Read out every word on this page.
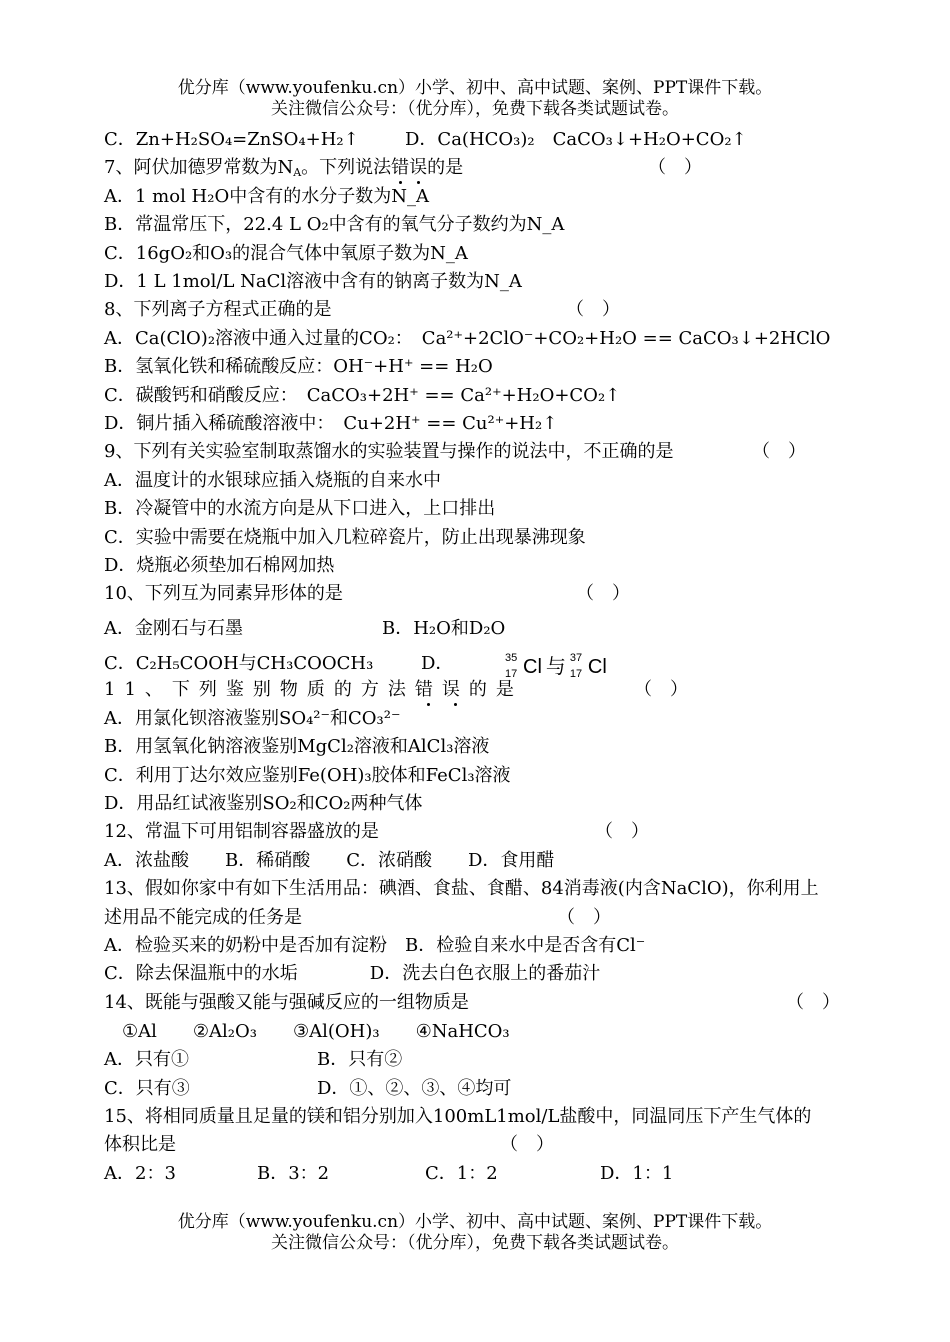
优分库（www.youfenku.cn）小学、初中、高中试题、案例、PPT课件下载。
关注微信公众号：（优分库），免费下载各类试题试卷。
C．Zn+H₂SO₄=ZnSO₄+H₂↑	D．Ca(HCO₃)₂　CaCO₃↓+H₂O+CO₂↑
7、阿伏加德罗常数为$N_A$。下列说法错误的是	（　）
A．1 mol H₂O中含有的水分子数为N_A
B．常温常压下，22.4 L O₂中含有的氧气分子数约为N_A
C．16gO₂和O₃的混合气体中氧原子数为N_A
D．1 L 1mol/L NaCl溶液中含有的钠离子数为N_A
8、下列离子方程式正确的是	（　）
A．Ca(ClO)₂溶液中通入过量的CO₂：　Ca²⁺+2ClO⁻+CO₂+H₂O == CaCO₃↓+2HClO
B．氢氧化铁和稀硫酸反应：OH⁻+H⁺ == H₂O
C．碳酸钙和硝酸反应：　CaCO₃+2H⁺ == Ca²⁺+H₂O+CO₂↑
D．铜片插入稀硫酸溶液中：　Cu+2H⁺ == Cu²⁺+H₂↑
9、下列有关实验室制取蒸馏水的实验装置与操作的说法中，不正确的是	（　）
A．温度计的水银球应插入烧瓶的自来水中
B．冷凝管中的水流方向是从下口进入，上口排出
C．实验中需要在烧瓶中加入几粒碎瓷片，防止出现暴沸现象
D．烧瓶必须垫加石棉网加热
10、下列互为同素异形体的是	（　）
A．金刚石与石墨	B．H₂O和D₂O
C．C₂H₅COOH与CH₃COOCH₃	D．	35
17 Cl 与 37
17 Cl
11、下列鉴别物质的方法错误的是	（　）
A．用氯化钡溶液鉴别SO₄²⁻和CO₃²⁻
B．用氢氧化钠溶液鉴别MgCl₂溶液和AlCl₃溶液
C．利用丁达尔效应鉴别Fe(OH)₃胶体和FeCl₃溶液
D．用品红试液鉴别SO₂和CO₂两种气体
12、常温下可用铝制容器盛放的是	（　）
A．浓盐酸　　B．稀硝酸　　C．浓硝酸　　D．食用醋
13、假如你家中有如下生活用品：碘酒、食盐、食醋、84消毒液(内含NaClO)，你利用上
述用品不能完成的任务是	（　）
A．检验买来的奶粉中是否加有淀粉　B．检验自来水中是否含有Cl⁻
C．除去保温瓶中的水垢　　　　D．洗去白色衣服上的番茄汁
14、既能与强酸又能与强碱反应的一组物质是	（　）
①Al　　②Al₂O₃　　③Al(OH)₃　　④NaHCO₃
A．只有①	B．只有②
C．只有③	D．①、②、③、④均可
15、将相同质量且足量的镁和铝分别加入100mL1mol/L盐酸中，同温同压下产生气体的
体积比是	（　）
A．2：3	B．3：2	C．1：2	D．1：1
优分库（www.youfenku.cn）小学、初中、高中试题、案例、PPT课件下载。
关注微信公众号：（优分库），免费下载各类试题试卷。
